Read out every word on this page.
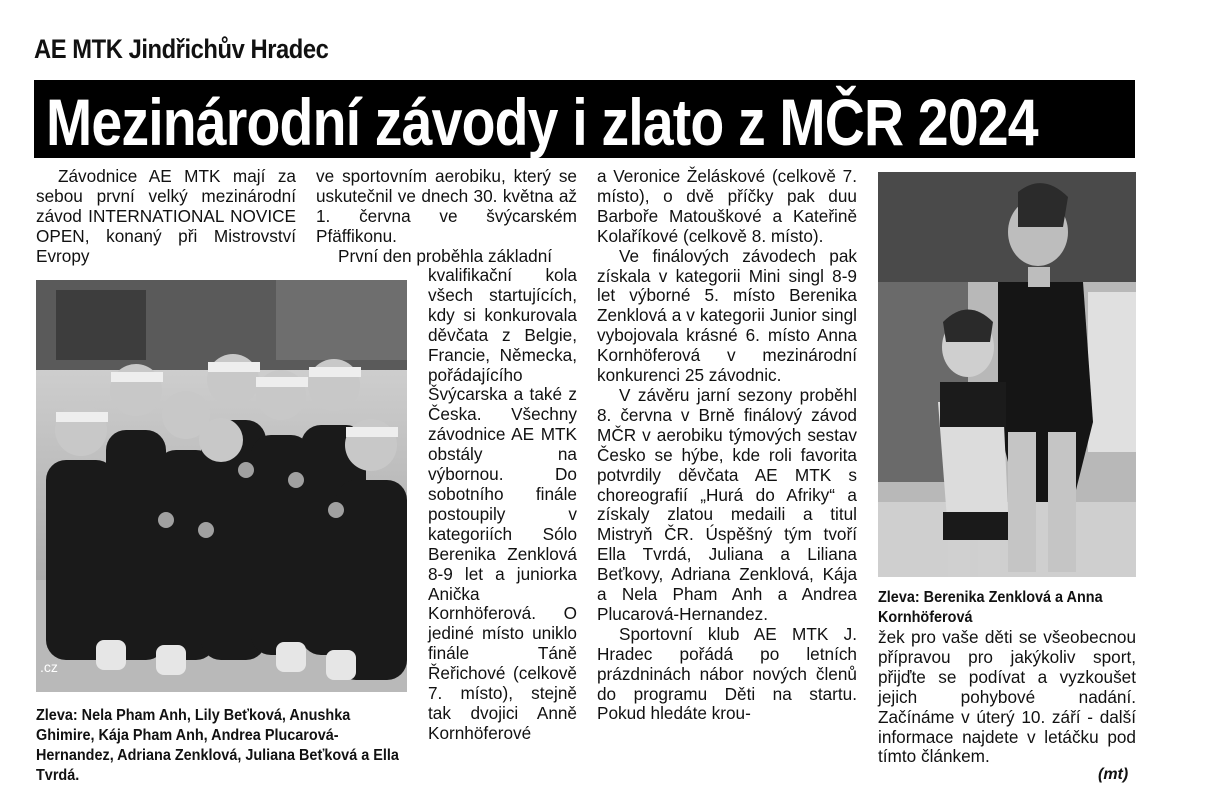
AE MTK Jindřichův Hradec
Mezinárodní závody i zlato z MČR 2024

Závodnice AE MTK mají za sebou první velký mezinárodní závod INTERNATIONAL NOVICE OPEN, konaný při Mistrovství Evropy

.cz
Zleva: Nela Pham Anh, Lily Beťková, Anushka Ghimire, Kája Pham Anh, Andrea Plucarová-Hernandez, Adriana Zenklová, Juliana Beťková a Ella Tvrdá.

ve sportovním aerobiku, který se uskutečnil ve dnech 30. května až 1. června ve švýcarském Pfäffikonu.

První den proběhla základní

kvalifikační kola všech startujících, kdy si konkurovala děvčata z Belgie, Francie, Německa, pořádajícího Švýcarska a také z Česka. Všechny závodnice AE MTK obstály na výbornou. Do sobotního finále postoupily v kategoriích Sólo Berenika Zenklová 8-9 let a juniorka Anička Kornhöferová. O jediné místo uniklo finále Táně Řeřichové (celkově 7. místo), stejně tak dvojici Anně Kornhöferové

a Veronice Želáskové (celkově 7. místo), o dvě příčky pak duu Barboře Matouškové a Kateřině Kolaříkové (celkově 8. místo).

Ve finálových závodech pak získala v kategorii Mini singl 8-9 let výborné 5. místo Berenika Zenklová a v kategorii Junior singl vybojovala krásné 6. místo Anna Kornhöferová v mezinárodní konkurenci 25 závodnic.

V závěru jarní sezony proběhl 8. června v Brně finálový závod MČR v aerobiku týmových sestav Česko se hýbe, kde roli favorita potvrdily děvčata AE MTK s choreografií „Hurá do Afriky“ a získaly zlatou medaili a titul Mistryň ČR. Úspěšný tým tvoří Ella Tvrdá, Juliana a Liliana Beťkovy, Adriana Zenklová, Kája a Nela Pham Anh a Andrea Plucarová-Hernandez.

Sportovní klub AE MTK J. Hradec pořádá po letních prázdninách nábor nových členů do programu Děti na startu. Pokud hledáte krou-

Zleva: Berenika Zenklová a Anna Kornhöferová

žek pro vaše děti se všeobecnou přípravou pro jakýkoliv sport, přijďte se podívat a vyzkoušet jejich pohybové nadání. Začínáme v úterý 10. září - další informace najdete v letáčku pod tímto článkem.

(mt)
